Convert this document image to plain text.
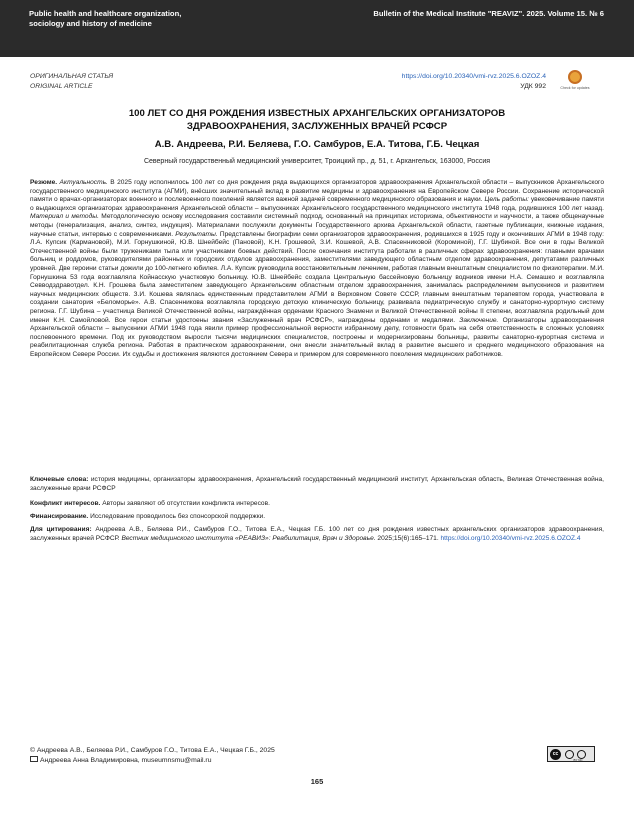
Public health and healthcare organization,
sociology and history of medicine
Bulletin of the Medical Institute "REAVIZ". 2025. Volume 15. № 6
ОРИГИНАЛЬНАЯ СТАТЬЯ
ORIGINAL ARTICLE
https://doi.org/10.20340/vmi-rvz.2025.6.OZOZ.4
УДК 992	Check for updates
100 ЛЕТ СО ДНЯ РОЖДЕНИЯ ИЗВЕСТНЫХ АРХАНГЕЛЬСКИХ ОРГАНИЗАТОРОВ
ЗДРАВООХРАНЕНИЯ, ЗАСЛУЖЕННЫХ ВРАЧЕЙ РСФСР
А.В. Андреева, Р.И. Беляева, Г.О. Самбуров, Е.А. Титова, Г.Б. Чецкая
Северный государственный медицинский университет, Троицкий пр., д. 51, г. Архангельск, 163000, Россия
Резюме. Актуальность. В 2025 году исполнилось 100 лет со дня рождения ряда выдающихся организаторов здравоохранения Архангельской области – выпускников Архангельского государственного медицинского института (АГМИ), внёсших значительный вклад в развитие медицины и здравоохранения на Европейском Севере России. Сохранение исторической памяти о врачах-организаторах военного и послевоенного поколений является важной задачей современного медицинского образования и науки. Цель работы: увековечивание памяти о выдающихся организаторах здравоохранения Архангельской области – выпускниках Архангельского государственного медицинского института 1948 года, родившихся 100 лет назад. Материал и методы. Методологическую основу исследования составили системный подход, основанный на принципах историзма, объективности и научности, а также общенаучные методы (генерализация, анализ, синтез, индукция). Материалами послужили документы Государственного архива Архангельской области, газетные публикации, книжные издания, научные статьи, интервью с современниками. Результаты. Представлены биографии семи организаторов здравоохранения, родившихся в 1925 году и окончивших АГМИ в 1948 году: Л.А. Купсик (Кармановой), М.И. Горнушкиной, Ю.В. Шнейбейс (Пановой), К.Н. Грошевой, З.И. Кошевой, А.В. Спасенниковой (Короминой), Г.Г. Шубиной. Все они в годы Великой Отечественной войны были тружениками тыла или участниками боевых действий. После окончания института работали в различных сферах здравоохранения: главными врачами больниц и роддомов, руководителями районных и городских отделов здравоохранения, заместителями заведующего областным отделом здравоохранения, депутатами различных уровней. Две героини статьи дожили до 100-летнего юбилея. Л.А. Купсик руководила восстановительным лечением, работая главным внештатным специалистом по физиотерапии. М.И. Горнушкина 53 года возглавляла Койнасскую участковую больницу. Ю.В. Шнейбейс создала Центральную бассейновую больницу водников имени Н.А. Семашко и возглавляла Севводздравотдел. К.Н. Грошева была заместителем заведующего Архангельским областным отделом здравоохранения, занималась распределением выпускников и развитием научных медицинских обществ. З.И. Кошева являлась единственным представителем АГМИ в Верховном Совете СССР, главным внештатным терапевтом города, участвовала в создании санатория «Беломорье». А.В. Спасенникова возглавляла городскую детскую клиническую больницу, развивала педиатрическую службу и санаторно-курортную систему региона. Г.Г. Шубина – участница Великой Отечественной войны, награждённая орденами Красного Знамени и Великой Отечественной войны II степени, возглавляла родильный дом имени К.Н. Самойловой. Все герои статьи удостоены звания «Заслуженный врач РСФСР», награждены орденами и медалями. Заключение. Организаторы здравоохранения Архангельской области – выпускники АГМИ 1948 года явили пример профессиональной верности избранному делу, готовности брать на себя ответственность в сложных условиях послевоенного времени. Под их руководством выросли тысячи медицинских специалистов, построены и модернизированы больницы, развиты санаторно-курортная система и реабилитационная служба региона. Работая в практическом здравоохранении, они внесли значительный вклад в развитие высшего и среднего медицинского образования на Европейском Севере России. Их судьбы и достижения являются достоянием Севера и примером для современного поколения медицинских работников.
Ключевые слова: история медицины, организаторы здравоохранения, Архангельский государственный медицинский институт, Архангельская область, Великая Отечественная война, заслуженные врачи РСФСР
Конфликт интересов. Авторы заявляют об отсутствии конфликта интересов.
Финансирование. Исследование проводилось без спонсорской поддержки.
Для цитирования: Андреева А.В., Беляева Р.И., Самбуров Г.О., Титова Е.А., Чецкая Г.Б. 100 лет со дня рождения известных архангельских организаторов здравоохранения, заслуженных врачей РСФСР. Вестник медицинского института «РЕАВИЗ»: Реабилитация, Врач и Здоровье. 2025;15(6):165–171. https://doi.org/10.20340/vmi-rvz.2025.6.OZOZ.4
© Андреева А.В., Беляева Р.И., Самбуров Г.О., Титова Е.А., Чецкая Г.Б., 2025
Андреева Анна Владимировна, museumnsmu@mail.ru
cc
BY NC
165
